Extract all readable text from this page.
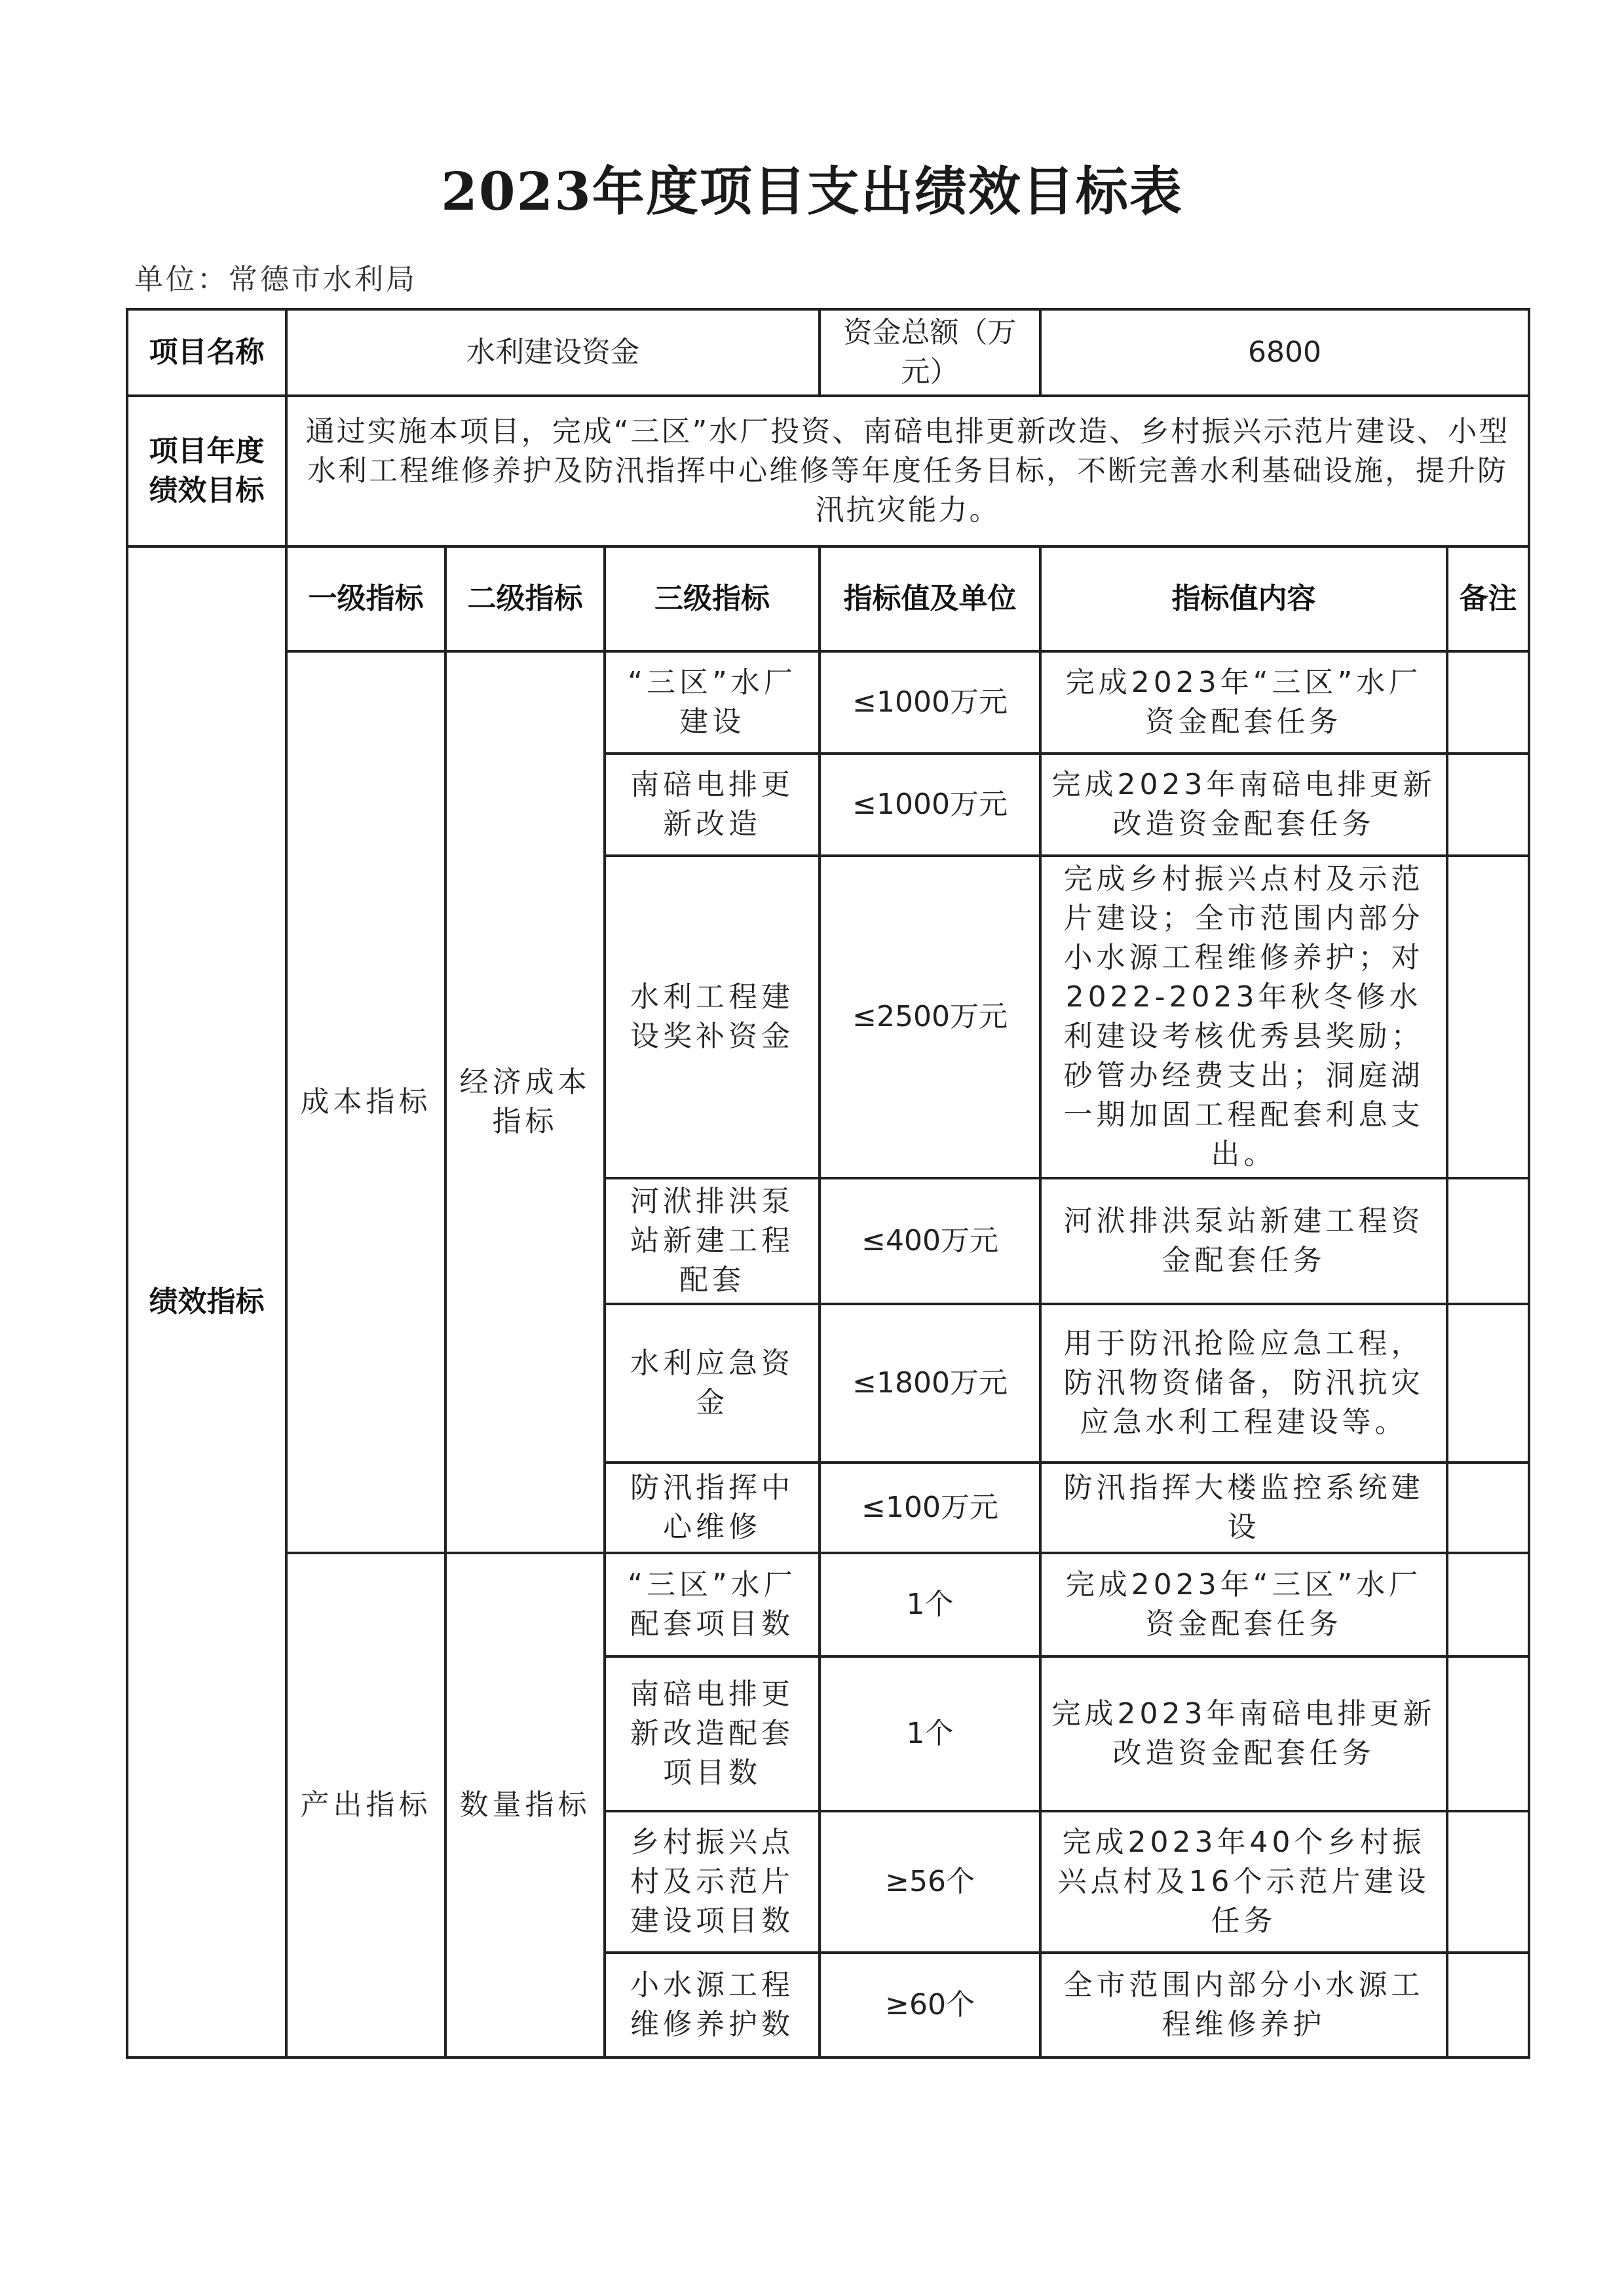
2023年度项目支出绩效目标表
单位：常德市水利局
项目名称	水利建设资金			资金总额（万元）	6800	
项目年度绩效目标	通过实施本项目，完成“三区”水厂投资、南碚电排更新改造、乡村振兴示范片建设、小型水利工程维修养护及防汛指挥中心维修等年度任务目标，不断完善水利基础设施，提升防汛抗灾能力。					
绩效指标	一级指标	二级指标	三级指标	指标值及单位	指标值内容	备注
	成本指标	经济成本指标	“三区”水厂建设	≤1000万元	完成2023年“三区”水厂资金配套任务	
			南碚电排更新改造	≤1000万元	完成2023年南碚电排更新改造资金配套任务	
			水利工程建设奖补资金	≤2500万元	完成乡村振兴点村及示范片建设；全市范围内部分小水源工程维修养护；对2022-2023年秋冬修水利建设考核优秀县奖励；砂管办经费支出；洞庭湖一期加固工程配套利息支出。	
			河洑排洪泵站新建工程配套	≤400万元	河洑排洪泵站新建工程资金配套任务	
			水利应急资金	≤1800万元	用于防汛抢险应急工程，防汛物资储备，防汛抗灾应急水利工程建设等。	
			防汛指挥中心维修	≤100万元	防汛指挥大楼监控系统建设	
	产出指标	数量指标	“三区”水厂配套项目数	1个	完成2023年“三区”水厂资金配套任务	
			南碚电排更新改造配套项目数	1个	完成2023年南碚电排更新改造资金配套任务	
			乡村振兴点村及示范片建设项目数	≥56个	完成2023年40个乡村振兴点村及16个示范片建设任务	
			小水源工程维修养护数	≥60个	全市范围内部分小水源工程维修养护	
